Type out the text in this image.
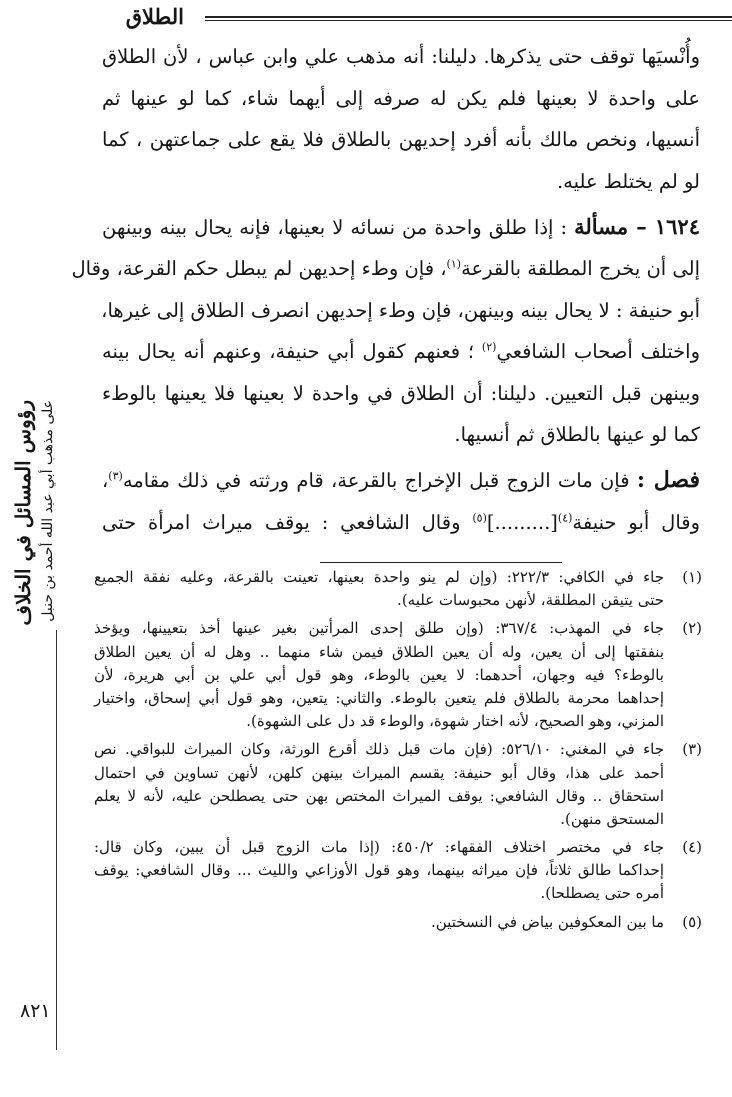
الطلاق
رؤوس المسائل في الخلاف على مذهب أبي عبد الله أحمد بن حنبل
وأُنْسيَها توقف حتى يذكرها. دليلنا: أنه مذهب علي وابن عباس ، لأن الطلاق
على واحدة لا بعينها فلم يكن له صرفه إلى أيهما شاء، كما لو عينها ثم
أنسيها، ونخص مالك بأنه أفرد إحديهن بالطلاق فلا يقع على جماعتهن ، كما
لو لم يختلط عليه.
١٦٢٤ – مسألة : إذا طلق واحدة من نسائه لا بعينها، فإنه يحال بينه وبينهن
إلى أن يخرج المطلقة بالقرعة$^{(١)}$، فإن وطء إحديهن لم يبطل حكم القرعة، وقال
أبو حنيفة : لا يحال بينه وبينهن، فإن وطء إحديهن انصرف الطلاق إلى غيرها،
واختلف أصحاب الشافعي$^{(٢)}$ ؛ فعنهم كقول أبي حنيفة، وعنهم أنه يحال بينه
وبينهن قبل التعيين. دليلنا: أن الطلاق في واحدة لا بعينها فلا يعينها بالوطء
كما لو عينها بالطلاق ثم أنسيها.
فصل : فإن مات الزوج قبل الإخراج بالقرعة، قام ورثته في ذلك مقامه$^{(٣)}$،
وقال أبو حنيفة$^{(٤)}$[.........]$^{(٥)}$ وقال الشافعي : يوقف ميراث امرأة حتى
(١)جاء في الكافي: ٢٢٢/٣: (وإن لم ينو واحدة بعينها، تعينت بالقرعة، وعليه نفقة الجميع
حتى يتيقن المطلقة، لأنهن محبوسات عليه).
(٢)جاء في المهذب: ٣٦٧/٤: (وإن طلق إحدى المرأتين بغير عينها أخذ بتعيينها، ويؤخذ
بنفقتها إلى أن يعين، وله أن يعين الطلاق فيمن شاء منهما .. وهل له أن يعين الطلاق
بالوطء؟ فيه وجهان، أحدهما: لا يعين بالوطء، وهو قول أبي علي بن أبي هريرة، لأن
إحداهما محرمة بالطلاق فلم يتعين بالوطء. والثاني: يتعين، وهو قول أبي إسحاق، واختيار
المزني، وهو الصحيح، لأنه اختار شهوة، والوطء قد دل على الشهوة).
(٣)جاء في المغني: ٥٢٦/١٠: (فإن مات قبل ذلك أقرع الورثة، وكان الميراث للبواقي. نص
أحمد على هذا، وقال أبو حنيفة: يقسم الميراث بينهن كلهن، لأنهن تساوين في احتمال
استحقاق .. وقال الشافعي: يوقف الميراث المختص بهن حتى يصطلحن عليه، لأنه لا يعلم
المستحق منهن).
(٤)جاء في مختصر اختلاف الفقهاء: ٤٥٠/٢: (إذا مات الزوج قبل أن يبين، وكان قال:
إحداكما طالق ثلاثاً، فإن ميراثه بينهما، وهو قول الأوزاعي والليث ... وقال الشافعي: يوقف
أمره حتى يصطلحا).
(٥)ما بين المعكوفين بياض في النسختين.
٨٢١
